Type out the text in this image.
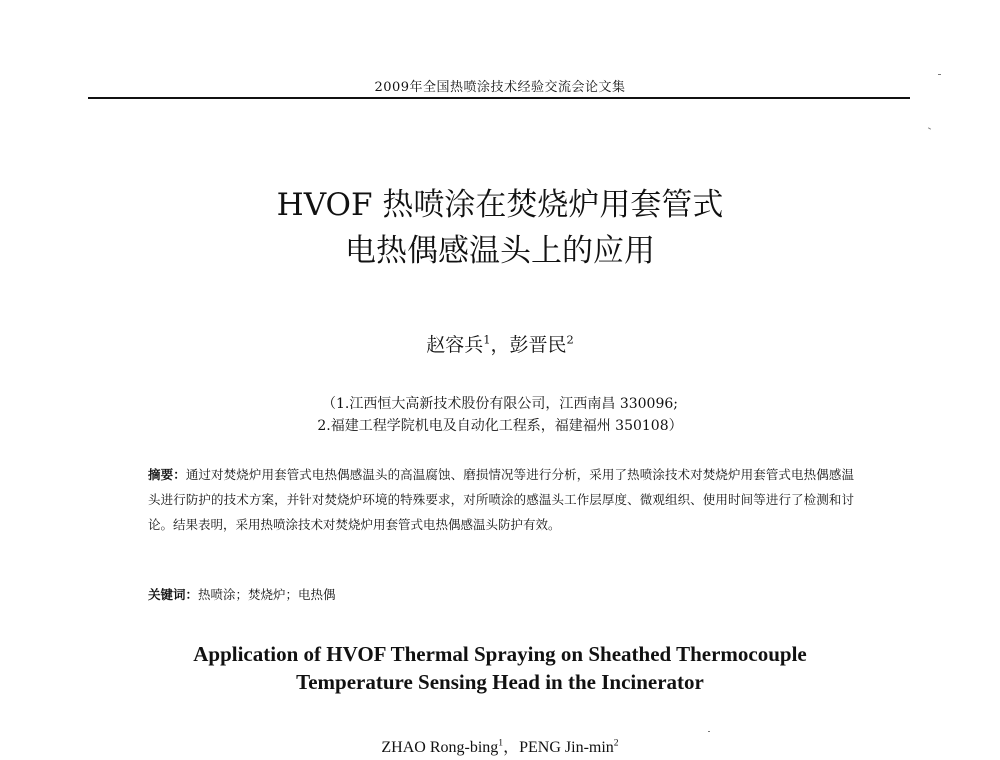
2009年全国热喷涂技术经验交流会论文集
HVOF 热喷涂在焚烧炉用套管式
电热偶感温头上的应用
赵容兵$^1$，彭晋民$^2$
（1.江西恒大高新技术股份有限公司，江西南昌 330096;
2.福建工程学院机电及自动化工程系，福建福州 350108）
摘要：通过对焚烧炉用套管式电热偶感温头的高温腐蚀、磨损情况等进行分析，采用了热喷涂技术对焚烧炉用套管式电热偶感温头进行防护的技术方案，并针对焚烧炉环境的特殊要求，对所喷涂的感温头工作层厚度、微观组织、使用时间等进行了检测和讨论。结果表明，采用热喷涂技术对焚烧炉用套管式电热偶感温头防护有效。
关键词：热喷涂；焚烧炉；电热偶
Application of HVOF Thermal Spraying on Sheathed Thermocouple
Temperature Sensing Head in the Incinerator
ZHAO Rong-bing$^1$，PENG Jin-$\min^2$
